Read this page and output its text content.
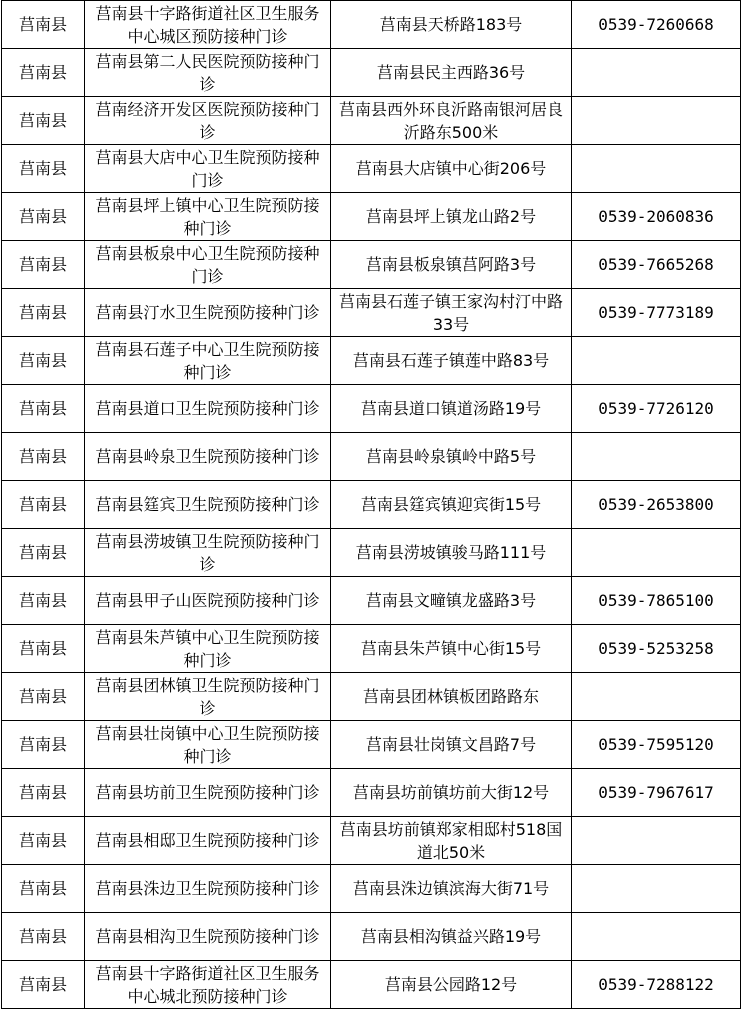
莒南县	莒南县十字路街道社区卫生服务中心城区预防接种门诊	莒南县天桥路183号	0539-7260668
莒南县	莒南县第二人民医院预防接种门诊	莒南县民主西路36号	
莒南县	莒南经济开发区医院预防接种门诊	莒南县西外环良沂路南银河居良沂路东500米	
莒南县	莒南县大店中心卫生院预防接种门诊	莒南县大店镇中心街206号	
莒南县	莒南县坪上镇中心卫生院预防接种门诊	莒南县坪上镇龙山路2号	0539-2060836
莒南县	莒南县板泉中心卫生院预防接种门诊	莒南县板泉镇莒阿路3号	0539-7665268
莒南县	莒南县汀水卫生院预防接种门诊	莒南县石莲子镇王家沟村汀中路33号	0539-7773189
莒南县	莒南县石莲子中心卫生院预防接种门诊	莒南县石莲子镇莲中路83号	
莒南县	莒南县道口卫生院预防接种门诊	莒南县道口镇道汤路19号	0539-7726120
莒南县	莒南县岭泉卫生院预防接种门诊	莒南县岭泉镇岭中路5号	
莒南县	莒南县筳宾卫生院预防接种门诊	莒南县筳宾镇迎宾街15号	0539-2653800
莒南县	莒南县涝坡镇卫生院预防接种门诊	莒南县涝坡镇骏马路111号	
莒南县	莒南县甲子山医院预防接种门诊	莒南县文疃镇龙盛路3号	0539-7865100
莒南县	莒南县朱芦镇中心卫生院预防接种门诊	莒南县朱芦镇中心街15号	0539-5253258
莒南县	莒南县团林镇卫生院预防接种门诊	莒南县团林镇板团路路东	
莒南县	莒南县壮岗镇中心卫生院预防接种门诊	莒南县壮岗镇文昌路7号	0539-7595120
莒南县	莒南县坊前卫生院预防接种门诊	莒南县坊前镇坊前大街12号	0539-7967617
莒南县	莒南县相邸卫生院预防接种门诊	莒南县坊前镇郑家相邸村518国道北50米	
莒南县	莒南县洙边卫生院预防接种门诊	莒南县洙边镇滨海大街71号	
莒南县	莒南县相沟卫生院预防接种门诊	莒南县相沟镇益兴路19号	
莒南县	莒南县十字路街道社区卫生服务中心城北预防接种门诊	莒南县公园路12号	0539-7288122
